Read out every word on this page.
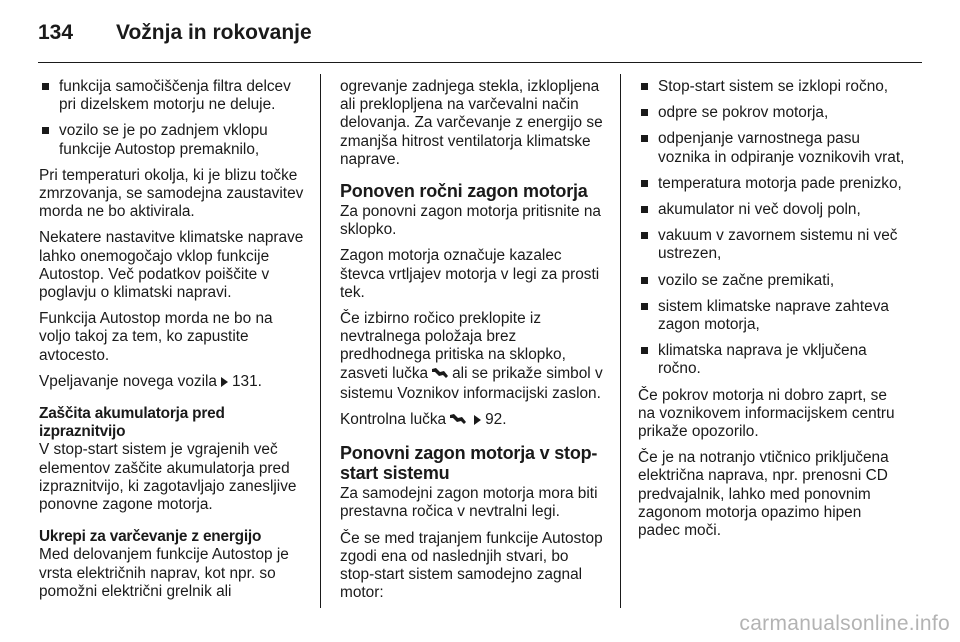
134	Vožnja in rokovanje
funkcija samočiščenja filtra delcev pri dizelskem motorju ne deluje.
vozilo se je po zadnjem vklopu funkcije Autostop premaknilo,

Pri temperaturi okolja, ki je blizu točke zmrzovanja, se samodejna zaustavitev morda ne bo aktivirala.

Nekatere nastavitve klimatske naprave lahko onemogočajo vklop funkcije Autostop. Več podatkov poiščite v poglavju o klimatski napravi.

Funkcija Autostop morda ne bo na voljo takoj za tem, ko zapustite avtocesto.

Vpeljavanje novega vozila 131.

Zaščita akumulatorja pred izpraznitvijo

V stop-start sistem je vgrajenih več elementov zaščite akumulatorja pred izpraznitvijo, ki zagotavljajo zanesljive ponovne zagone motorja.

Ukrepi za varčevanje z energijo

Med delovanjem funkcije Autostop je vrsta električnih naprav, kot npr. so pomožni električni grelnik ali

ogrevanje zadnjega stekla, izklopljena ali preklopljena na varčevalni način delovanja. Za varčevanje z energijo se zmanjša hitrost ventilatorja klimatske naprave.

Ponoven ročni zagon motorja

Za ponovni zagon motorja pritisnite na sklopko.

Zagon motorja označuje kazalec števca vrtljajev motorja v legi za prosti tek.

Če izbirno ročico preklopite iz nevtralnega položaja brez predhodnega pritiska na sklopko, zasveti lučka ali se prikaže simbol v sistemu Voznikov informacijski zaslon.

Kontrolna lučka	92.

Ponovni zagon motorja v stop-start sistemu

Za samodejni zagon motorja mora biti prestavna ročica v nevtralni legi.

Če se med trajanjem funkcije Autostop zgodi ena od naslednjih stvari, bo stop-start sistem samodejno zagnal motor:

Stop-start sistem se izklopi ročno,
odpre se pokrov motorja,
odpenjanje varnostnega pasu voznika in odpiranje voznikovih vrat,
temperatura motorja pade prenizko,
akumulator ni več dovolj poln,
vakuum v zavornem sistemu ni več ustrezen,
vozilo se začne premikati,
sistem klimatske naprave zahteva zagon motorja,
klimatska naprava je vključena ročno.

Če pokrov motorja ni dobro zaprt, se na voznikovem informacijskem centru prikaže opozorilo.

Če je na notranjo vtičnico priključena električna naprava, npr. prenosni CD predvajalnik, lahko med ponovnim zagonom motorja opazimo hipen padec moči.

carmanualsonline.info
